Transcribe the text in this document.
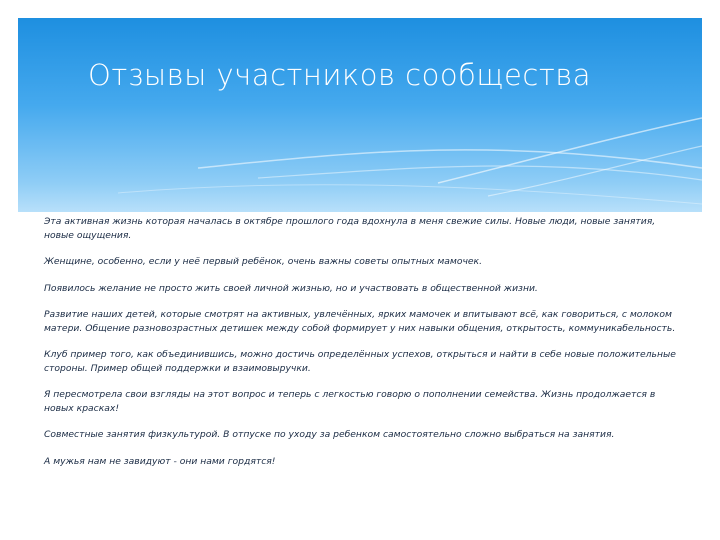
Отзывы участников сообщества

Эта активная жизнь которая началась в октябре прошлого года вдохнула в меня свежие силы. Новые люди, новые занятия, новые ощущения.

Женщине, особенно, если у неё первый ребёнок, очень важны советы опытных мамочек.

Появилось желание не просто жить своей личной жизнью, но и участвовать в общественной жизни.

Развитие наших детей, которые смотрят на активных, увлечённых, ярких мамочек и впитывают всё, как говориться, с молоком матери. Общение разновозрастных детишек между собой формирует у них навыки общения, открытость, коммуникабельность.

Клуб пример того, как объединившись, можно достичь определённых успехов, открыться и найти в себе новые положительные стороны. Пример общей поддержки и взаимовыручки.

Я пересмотрела свои взгляды на этот вопрос и теперь с легкостью говорю о пополнении семейства. Жизнь продолжается в новых красках!

Совместные занятия физкультурой. В отпуске по уходу за ребенком самостоятельно сложно выбраться на занятия.

А мужья нам не завидуют - они нами гордятся!
